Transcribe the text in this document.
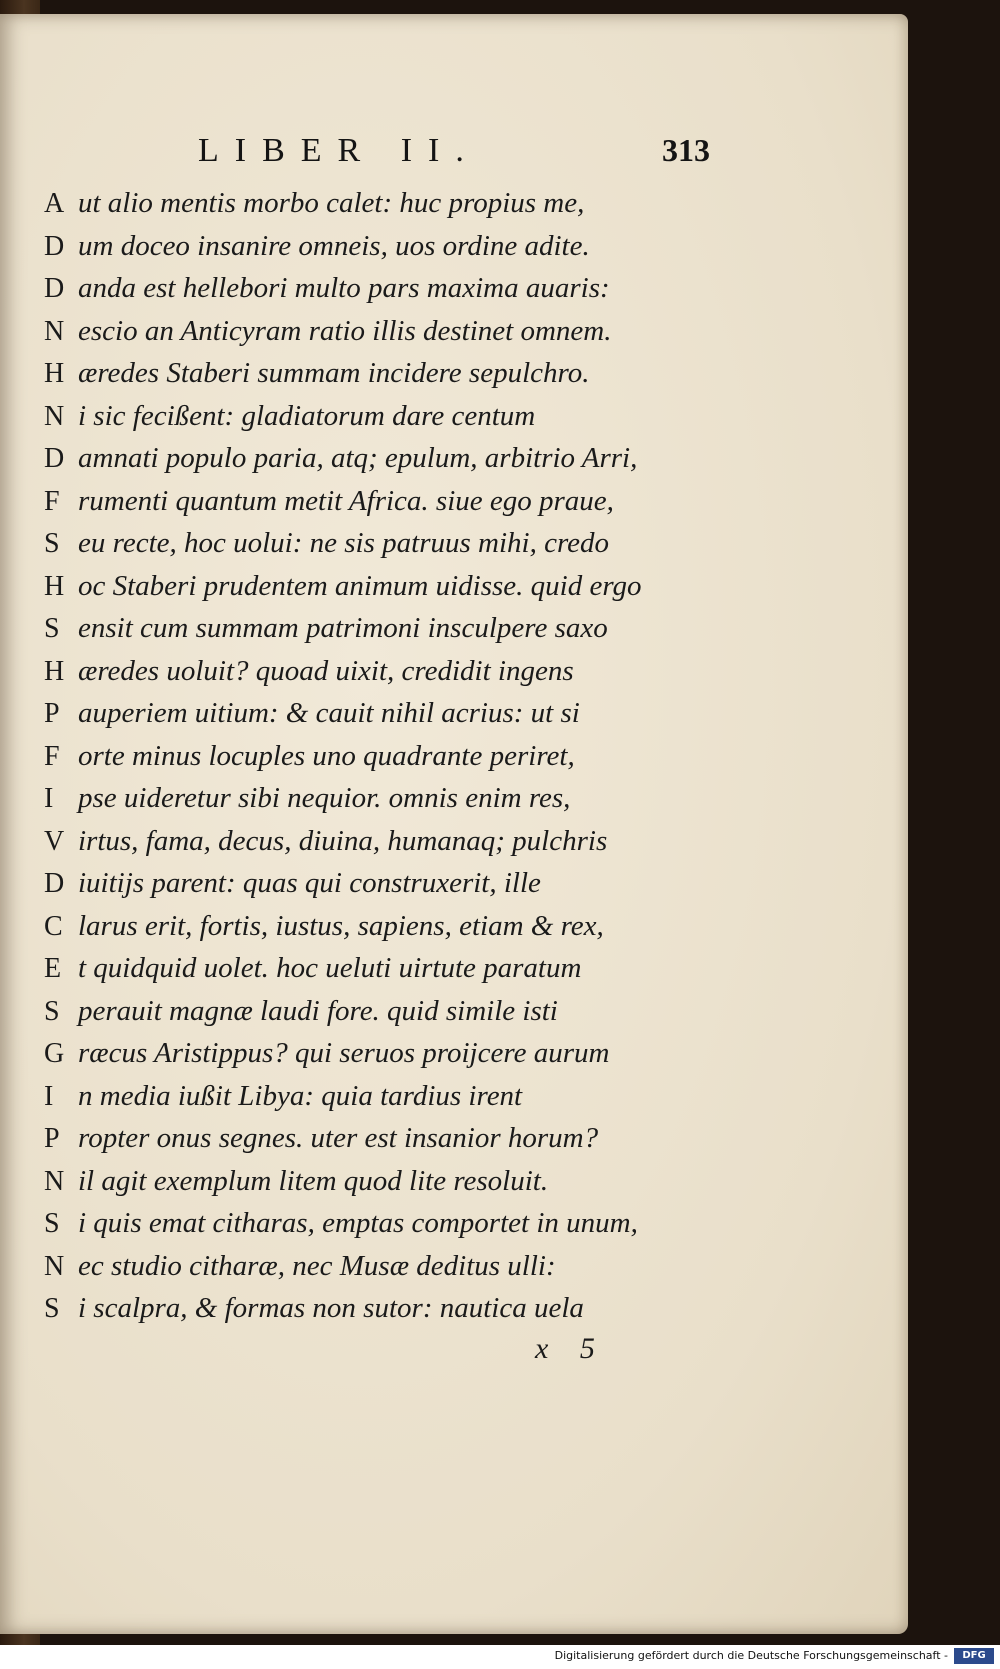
LIBER II.	313
A ut alio mentis morbo calet: huc propius me,
D um doceo insanire omneis, uos ordine adite.
D anda est hellebori multo pars maxima auaris:
N escio an Anticyram ratio illis destinet omnem.
H æredes Staberi summam incidere sepulchro.
N i sic fecißent: gladiatorum dare centum
D amnati populo paria, atq; epulum, arbitrio Arri,
F rumenti quantum metit Africa. siue ego praue,
S eu recte, hoc uolui: ne sis patruus mihi, credo
H oc Staberi prudentem animum uidisse. quid ergo
S ensit cum summam patrimoni insculpere saxo
H æredes uoluit? quoad uixit, credidit ingens
P auperiem uitium: & cauit nihil acrius: ut si
F orte minus locuples uno quadrante periret,
I pse uideretur sibi nequior. omnis enim res,
V irtus, fama, decus, diuina, humanaq; pulchris
D iuitijs parent: quas qui construxerit, ille
C larus erit, fortis, iustus, sapiens, etiam & rex,
E t quidquid uolet. hoc ueluti uirtute paratum
S perauit magnæ laudi fore. quid simile isti
G ræcus Aristippus? qui seruos proijcere aurum
I n media iußit Libya: quia tardius irent
P ropter onus segnes. uter est insanior horum?
N il agit exemplum litem quod lite resoluit.
S i quis emat citharas, emptas comportet in unum,
N ec studio citharæ, nec Musæ deditus ulli:
S i scalpra, & formas non sutor: nautica uela
x 5
Digitalisierung gefördert durch die Deutsche Forschungsgemeinschaft -	DFG
